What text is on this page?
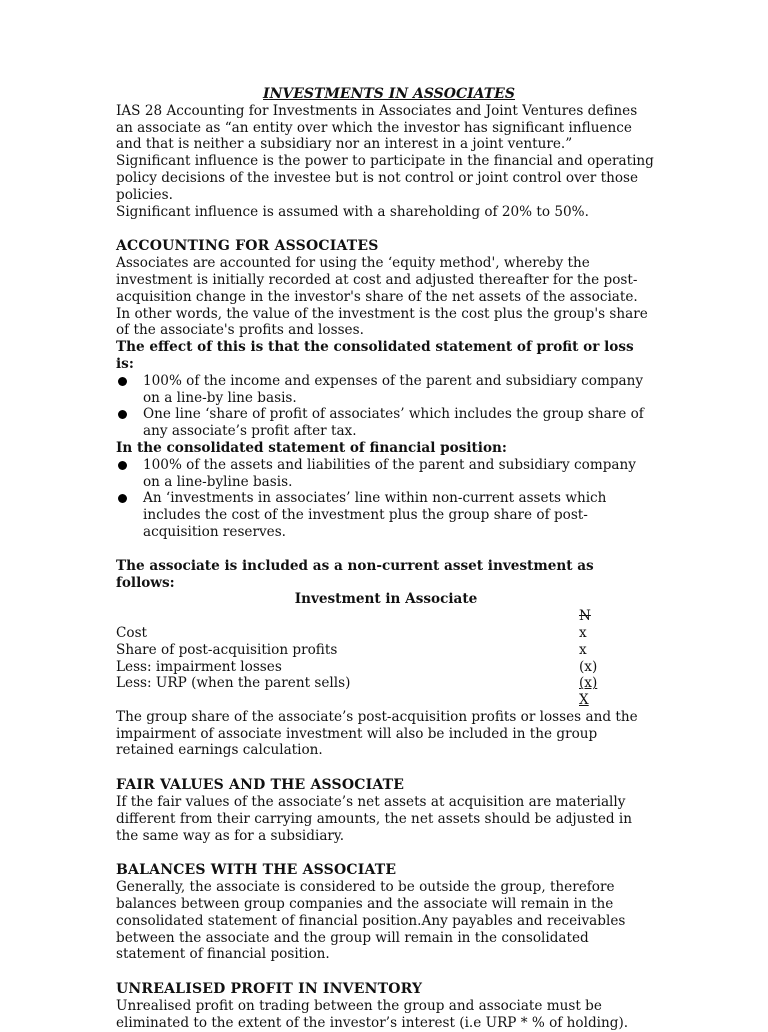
INVESTMENTS IN ASSOCIATES

IAS 28 Accounting for Investments in Associates and Joint Ventures defines an associate as “an entity over which the investor has significant influence and that is neither a subsidiary nor an interest in a joint venture.”

Significant influence is the power to participate in the financial and operating policy decisions of the investee but is not control or joint control over those policies.

Significant influence is assumed with a shareholding of 20% to 50%.

ACCOUNTING FOR ASSOCIATES

Associates are accounted for using the ‘equity method', whereby the investment is initially recorded at cost and adjusted thereafter for the post-acquisition change in the investor's share of the net assets of the associate. In other words, the value of the investment is the cost plus the group's share of the associate's profits and losses.

The effect of this is that the consolidated statement of profit or loss is:

100% of the income and expenses of the parent and subsidiary company on a line-by line basis.
One line ‘share of profit of associates’ which includes the group share of any associate’s profit after tax.

In the consolidated statement of financial position:

100% of the assets and liabilities of the parent and subsidiary company on a line-byline basis.
An ‘investments in associates’ line within non-current assets which includes the cost of the investment plus the group share of post-acquisition reserves.

The associate is included as a non-current asset investment as follows:

Investment in Associate
N
Cost	x
Share of post-acquisition profits	x
Less: impairment losses	(x)
Less: URP (when the parent sells)	(x)
X

The group share of the associate’s post-acquisition profits or losses and the impairment of associate investment will also be included in the group retained earnings calculation.

FAIR VALUES AND THE ASSOCIATE

If the fair values of the associate’s net assets at acquisition are materially different from their carrying amounts, the net assets should be adjusted in the same way as for a subsidiary.

BALANCES WITH THE ASSOCIATE

Generally, the associate is considered to be outside the group, therefore balances between group companies and the associate will remain in the consolidated statement of financial position.Any payables and receivables between the associate and the group will remain in the consolidated statement of financial position.

UNREALISED PROFIT IN INVENTORY

Unrealised profit on trading between the group and associate must be eliminated to the extent of the investor’s interest (i.e URP * % of holding).
